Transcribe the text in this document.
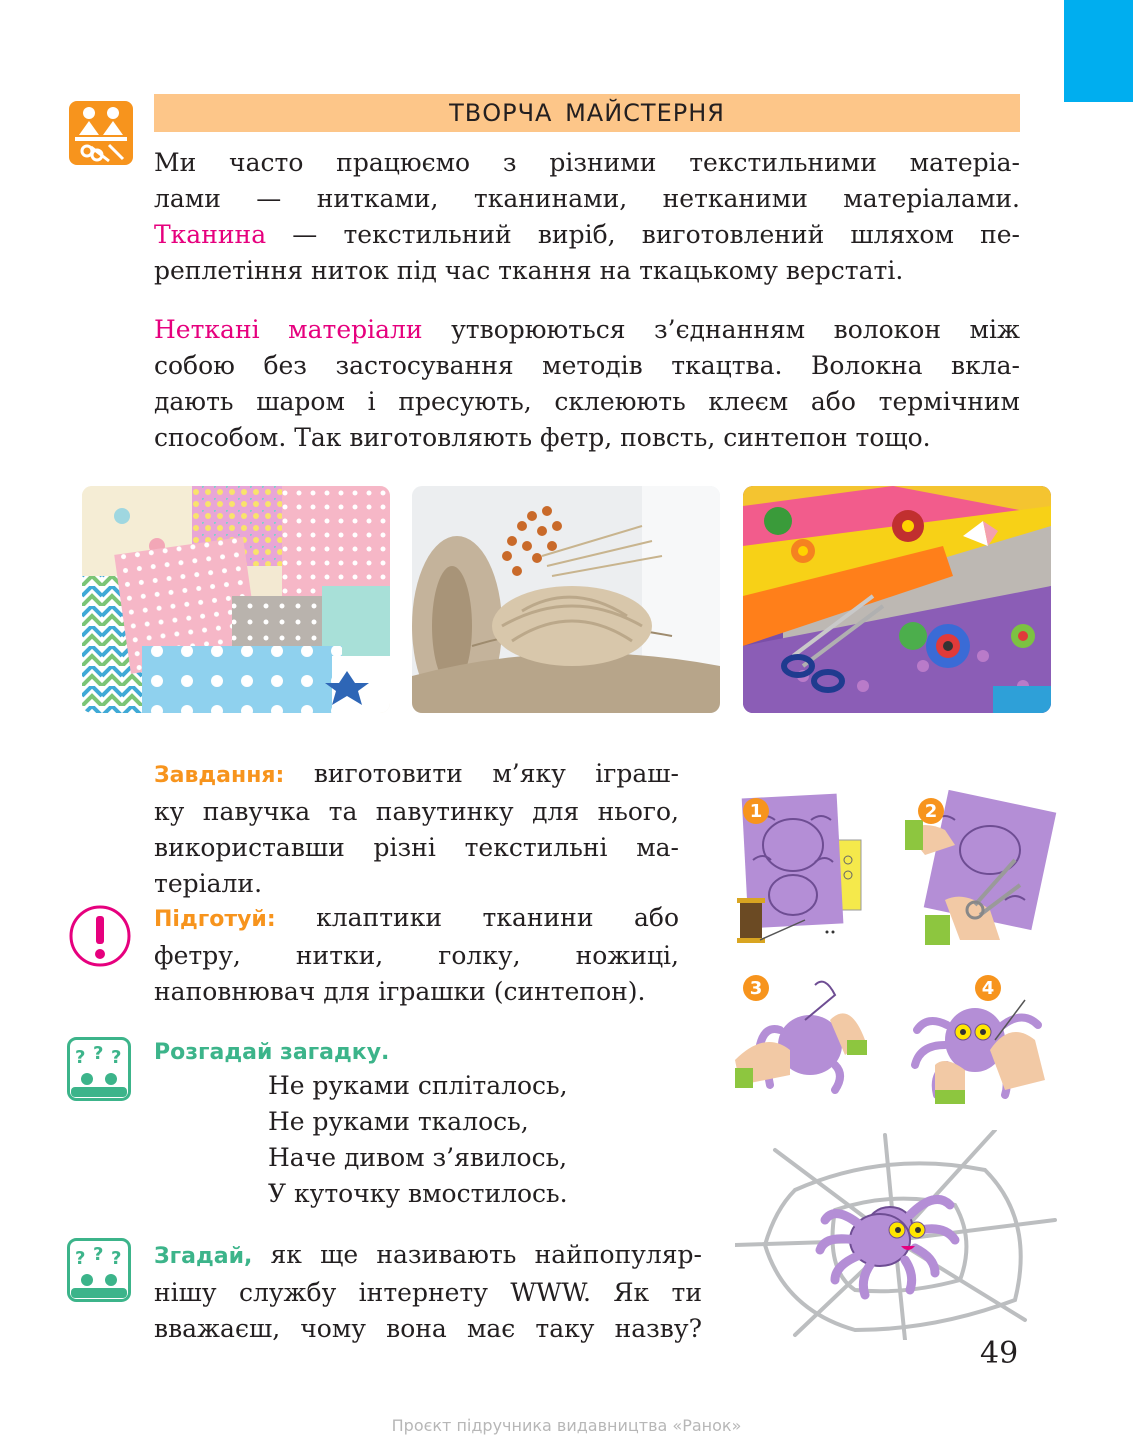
ТВОРЧА МАЙСТЕРНЯ
Ми часто працюємо з різними текстильними матеріа-
лами — нитками, тканинами, нетканими матеріалами.
Тканина — текстильний виріб, виготовлений шляхом пе-
реплетіння ниток під час ткання на ткацькому верстаті.
Неткані матеріали утворюються з’єднанням волокон між
собою без застосування методів ткацтва. Волокна вкла-
дають шаром і пресують, склеюють клеєм або термічним
способом. Так виготовляють фетр, повсть, синтепон тощо.
Завдання: виготовити м’яку іграш-
ку павучка та павутинку для нього,
використавши різні текстильні ма-
теріали.
Підготуй: клаптики тканини або
фетру, нитки, голку, ножиці,
наповнювач для іграшки (синтепон).
? ? ? Розгадай загадку.
Не руками спліталось,
Не руками ткалось,
Наче дивом з’явилось,
У куточку вмостилось.
? ? ? Згадай, як ще називають найпопуляр-
нішу службу інтернету WWW. Як ти
вважаєш, чому вона має таку назву?
1	2
3	4
49
Проєкт підручника видавництва «Ранок»
